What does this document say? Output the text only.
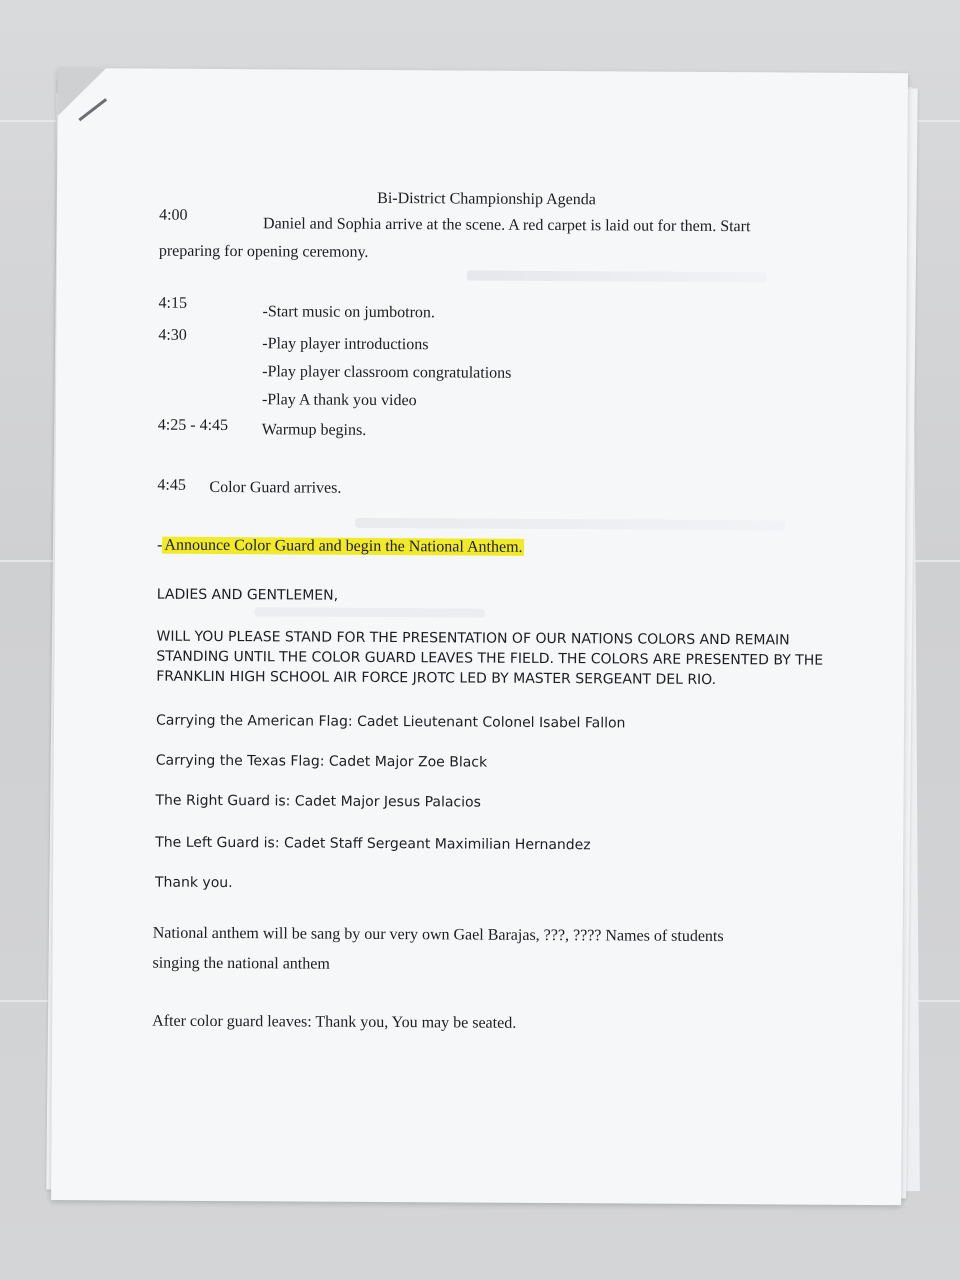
Bi-District Championship Agenda
4:00
Daniel and Sophia arrive at the scene. A red carpet is laid out for them. Start
preparing for opening ceremony.
4:15
-Start music on jumbotron.
4:30
-Play player introductions
-Play player classroom congratulations
-Play A thank you video
4:25 - 4:45 Warmup begins.
4:45 Color Guard arrives.
- Announce Color Guard and begin the National Anthem.
LADIES AND GENTLEMEN,
WILL YOU PLEASE STAND FOR THE PRESENTATION OF OUR NATIONS COLORS AND REMAIN
STANDING UNTIL THE COLOR GUARD LEAVES THE FIELD. THE COLORS ARE PRESENTED BY THE
FRANKLIN HIGH SCHOOL AIR FORCE JROTC LED BY MASTER SERGEANT DEL RIO.
Carrying the American Flag: Cadet Lieutenant Colonel Isabel Fallon
Carrying the Texas Flag: Cadet Major Zoe Black
The Right Guard is: Cadet Major Jesus Palacios
The Left Guard is: Cadet Staff Sergeant Maximilian Hernandez
Thank you.
National anthem will be sang by our very own Gael Barajas, ???, ???? Names of students
singing the national anthem
After color guard leaves: Thank you, You may be seated.
